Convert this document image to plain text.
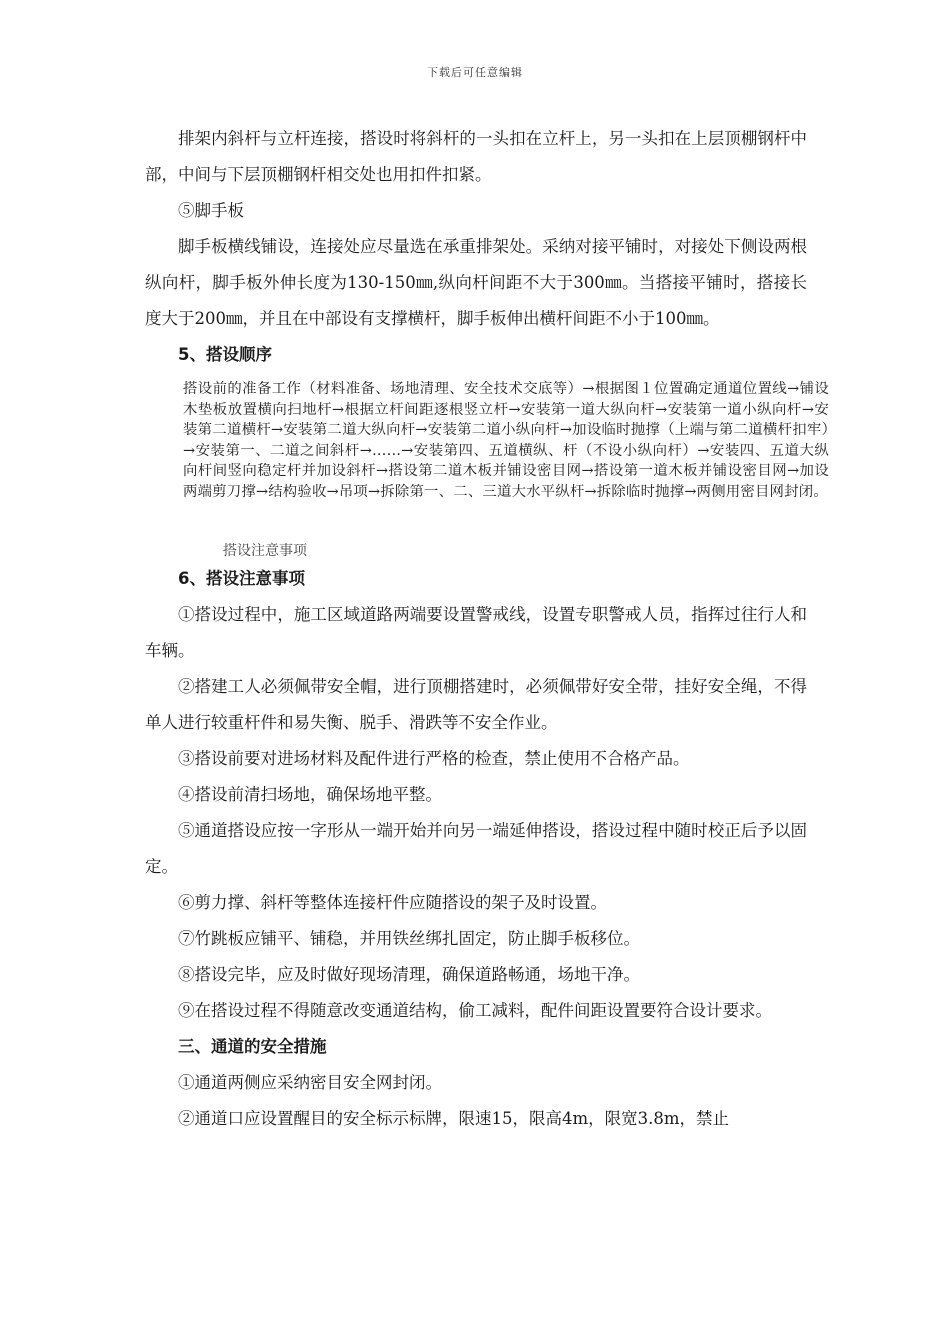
下载后可任意编辑

排架内斜杆与立杆连接，搭设时将斜杆的一头扣在立杆上，另一头扣在上层顶棚钢杆中部，中间与下层顶棚钢杆相交处也用扣件扣紧。

⑤脚手板

脚手板横线铺设，连接处应尽量选在承重排架处。采纳对接平铺时，对接处下侧设两根纵向杆，脚手板外伸长度为130-150㎜,纵向杆间距不大于300㎜。当搭接平铺时，搭接长度大于200㎜，并且在中部设有支撑横杆，脚手板伸出横杆间距不小于100㎜。

5、搭设顺序

搭设前的准备工作（材料准备、场地清理、安全技术交底等）→根据图１位置确定通道位置线→铺设木垫板放置横向扫地杆→根据立杆间距逐根竖立杆→安装第一道大纵向杆→安装第一道小纵向杆→安装第二道横杆→安装第二道大纵向杆→安装第二道小纵向杆→加设临时抛撑（上端与第二道横杆扣牢）→安装第一、二道之间斜杆→……→安装第四、五道横纵、杆（不设小纵向杆）→安装四、五道大纵向杆间竖向稳定杆并加设斜杆→搭设第二道木板并铺设密目网→搭设第一道木板并铺设密目网→加设两端剪刀撑→结构验收→吊项→拆除第一、二、三道大水平纵杆→拆除临时抛撑→两侧用密目网封闭。

搭设注意事项

6、搭设注意事项

①搭设过程中，施工区域道路两端要设置警戒线，设置专职警戒人员，指挥过往行人和车辆。

②搭建工人必须佩带安全帽，进行顶棚搭建时，必须佩带好安全带，挂好安全绳，不得单人进行较重杆件和易失衡、脱手、滑跌等不安全作业。

③搭设前要对进场材料及配件进行严格的检查，禁止使用不合格产品。

④搭设前清扫场地，确保场地平整。

⑤通道搭设应按一字形从一端开始并向另一端延伸搭设，搭设过程中随时校正后予以固定。

⑥剪力撑、斜杆等整体连接杆件应随搭设的架子及时设置。

⑦竹跳板应铺平、铺稳，并用铁丝绑扎固定，防止脚手板移位。

⑧搭设完毕，应及时做好现场清理，确保道路畅通，场地干净。

⑨在搭设过程不得随意改变通道结构，偷工减料，配件间距设置要符合设计要求。

三、通道的安全措施

①通道两侧应采纳密目安全网封闭。

②通道口应设置醒目的安全标示标牌，限速15，限高4m，限宽3.8m，禁止
